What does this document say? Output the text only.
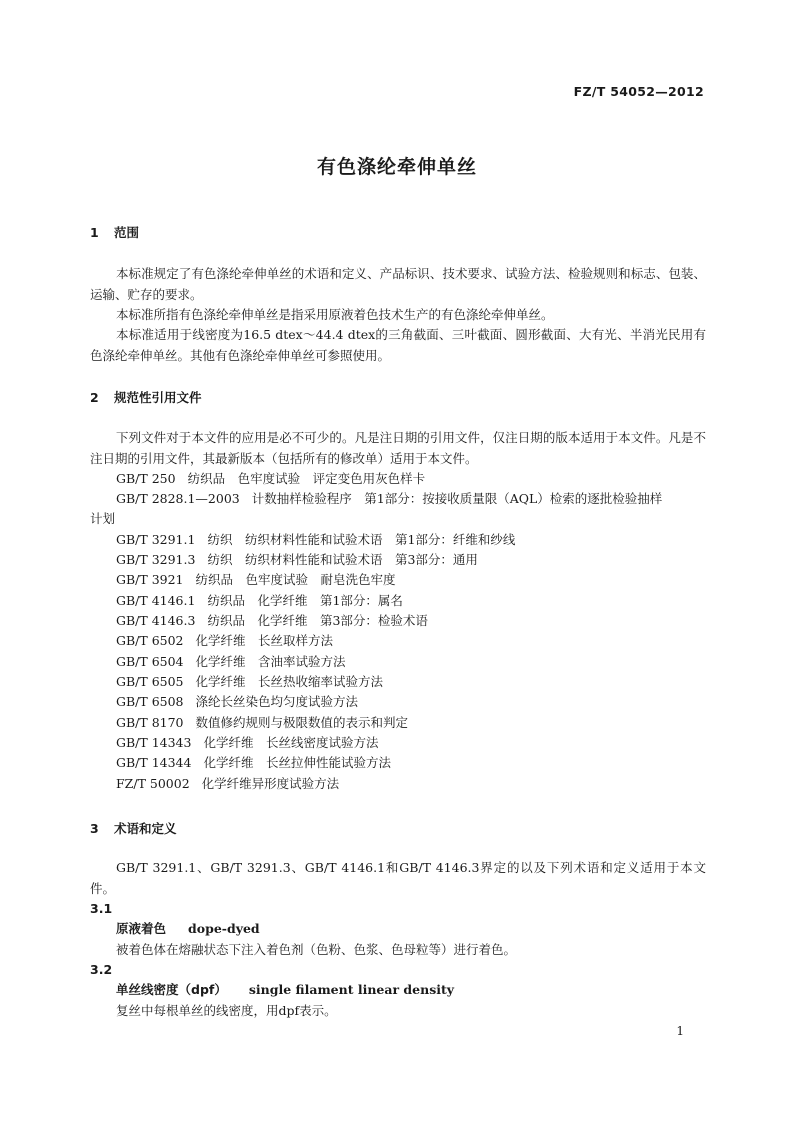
FZ/T 54052—2012
有色涤纶牵伸单丝
1 范围

本标准规定了有色涤纶牵伸单丝的术语和定义、产品标识、技术要求、试验方法、检验规则和标志、包装、运输、贮存的要求。

本标准所指有色涤纶牵伸单丝是指采用原液着色技术生产的有色涤纶牵伸单丝。

本标准适用于线密度为16.5 dtex～44.4 dtex的三角截面、三叶截面、圆形截面、大有光、半消光民用有色涤纶牵伸单丝。其他有色涤纶牵伸单丝可参照使用。

2 规范性引用文件

下列文件对于本文件的应用是必不可少的。凡是注日期的引用文件，仅注日期的版本适用于本文件。凡是不注日期的引用文件，其最新版本（包括所有的修改单）适用于本文件。

GB/T 250 纺织品　色牢度试验　评定变色用灰色样卡
GB/T 2828.1—2003 计数抽样检验程序　第1部分：按接收质量限（AQL）检索的逐批检验抽样
计划
GB/T 3291.1 纺织　纺织材料性能和试验术语　第1部分：纤维和纱线
GB/T 3291.3 纺织　纺织材料性能和试验术语　第3部分：通用
GB/T 3921 纺织品　色牢度试验　耐皂洗色牢度
GB/T 4146.1 纺织品　化学纤维　第1部分：属名
GB/T 4146.3 纺织品　化学纤维　第3部分：检验术语
GB/T 6502 化学纤维　长丝取样方法
GB/T 6504 化学纤维　含油率试验方法
GB/T 6505 化学纤维　长丝热收缩率试验方法
GB/T 6508 涤纶长丝染色均匀度试验方法
GB/T 8170 数值修约规则与极限数值的表示和判定
GB/T 14343 化学纤维　长丝线密度试验方法
GB/T 14344 化学纤维　长丝拉伸性能试验方法
FZ/T 50002 化学纤维异形度试验方法
3 术语和定义

GB/T 3291.1、GB/T 3291.3、GB/T 4146.1和GB/T 4146.3界定的以及下列术语和定义适用于本文件。

3.1
原液着色 dope-dyed
被着色体在熔融状态下注入着色剂（色粉、色浆、色母粒等）进行着色。
3.2
单丝线密度（dpf） single filament linear density
复丝中每根单丝的线密度，用dpf表示。
1
